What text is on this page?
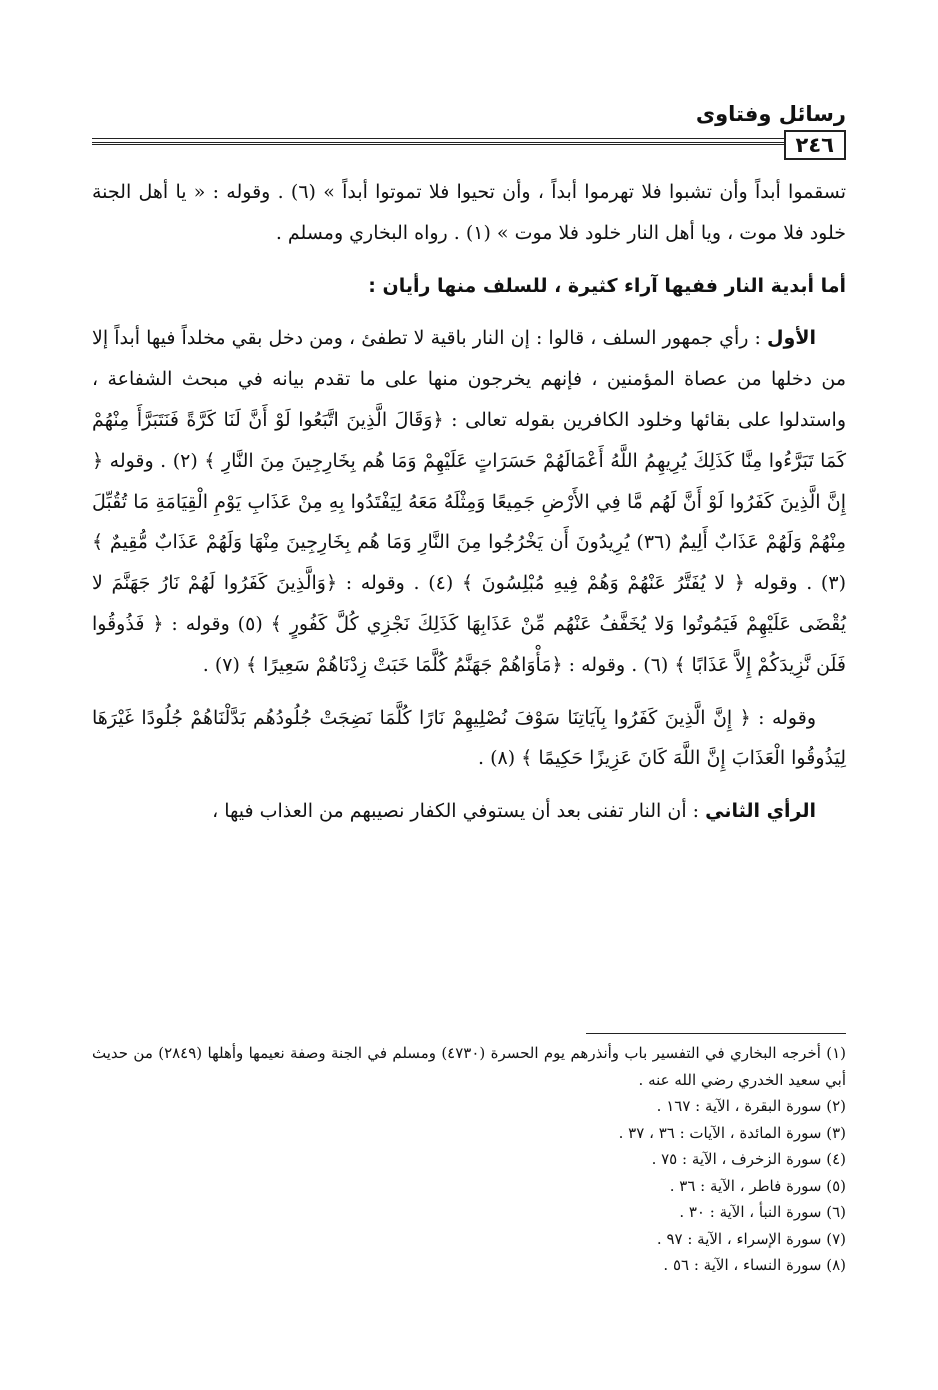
رسائل وفتاوى
٢٤٦

تسقموا أبداً وأن تشبوا فلا تهرموا أبداً ، وأن تحيوا فلا تموتوا أبداً » (٦) . وقوله : « يا أهل الجنة خلود فلا موت ، ويا أهل النار خلود فلا موت » (١) . رواه البخاري ومسلم .

أما أبدية النار ففيها آراء كثيرة ، للسلف منها رأيان :

الأول : رأي جمهور السلف ، قالوا : إن النار باقية لا تطفئ ، ومن دخل بقي مخلداً فيها أبداً إلا من دخلها من عصاة المؤمنين ، فإنهم يخرجون منها على ما تقدم بيانه في مبحث الشفاعة ، واستدلوا على بقائها وخلود الكافرين بقوله تعالى : ﴿وَقَالَ الَّذِينَ اتَّبَعُوا لَوْ أَنَّ لَنَا كَرَّةً فَنَتَبَرَّأَ مِنْهُمْ كَمَا تَبَرَّءُوا مِنَّا كَذَلِكَ يُرِيهِمُ اللَّهُ أَعْمَالَهُمْ حَسَرَاتٍ عَلَيْهِمْ وَمَا هُم بِخَارِجِينَ مِنَ النَّارِ ﴾ (٢) . وقوله ﴿ إِنَّ الَّذِينَ كَفَرُوا لَوْ أَنَّ لَهُم مَّا فِي الأَرْضِ جَمِيعًا وَمِثْلَهُ مَعَهُ لِيَفْتَدُوا بِهِ مِنْ عَذَابِ يَوْمِ الْقِيَامَةِ مَا تُقُبِّلَ مِنْهُمْ وَلَهُمْ عَذَابٌ أَلِيمٌ (٣٦) يُرِيدُونَ أَن يَخْرُجُوا مِنَ النَّارِ وَمَا هُم بِخَارِجِينَ مِنْهَا وَلَهُمْ عَذَابٌ مُّقِيمٌ ﴾ (٣) . وقوله ﴿ لا يُفَتَّرُ عَنْهُمْ وَهُمْ فِيهِ مُبْلِسُونَ ﴾ (٤) . وقوله : ﴿وَالَّذِينَ كَفَرُوا لَهُمْ نَارُ جَهَنَّمَ لا يُقْضَى عَلَيْهِمْ فَيَمُوتُوا وَلا يُخَفَّفُ عَنْهُم مِّنْ عَذَابِهَا كَذَلِكَ نَجْزِي كُلَّ كَفُورٍ ﴾ (٥) وقوله : ﴿ فَذُوقُوا فَلَن نَّزِيدَكُمْ إِلاَّ عَذَابًا ﴾ (٦) . وقوله : ﴿مَأْوَاهُمْ جَهَنَّمُ كُلَّمَا خَبَتْ زِدْنَاهُمْ سَعِيرًا ﴾ (٧) .

وقوله : ﴿ إِنَّ الَّذِينَ كَفَرُوا بِآيَاتِنَا سَوْفَ نُصْلِيهِمْ نَارًا كُلَّمَا نَضِجَتْ جُلُودُهُم بَدَّلْنَاهُمْ جُلُودًا غَيْرَهَا لِيَذُوقُوا الْعَذَابَ إِنَّ اللَّهَ كَانَ عَزِيزًا حَكِيمًا ﴾ (٨) .

الرأي الثاني : أن النار تفنى بعد أن يستوفي الكفار نصيبهم من العذاب فيها ،

(١) أخرجه البخاري في التفسير باب وأنذرهم يوم الحسرة (٤٧٣٠) ومسلم في الجنة وصفة نعيمها وأهلها (٢٨٤٩) من حديث أبي سعيد الخدري رضي الله عنه .

(٢) سورة البقرة ، الآية : ١٦٧ .

(٣) سورة المائدة ، الآيات : ٣٦ ، ٣٧ .

(٤) سورة الزخرف ، الآية : ٧٥ .

(٥) سورة فاطر ، الآية : ٣٦ .

(٦) سورة النبأ ، الآية : ٣٠ .

(٧) سورة الإسراء ، الآية : ٩٧ .

(٨) سورة النساء ، الآية : ٥٦ .
